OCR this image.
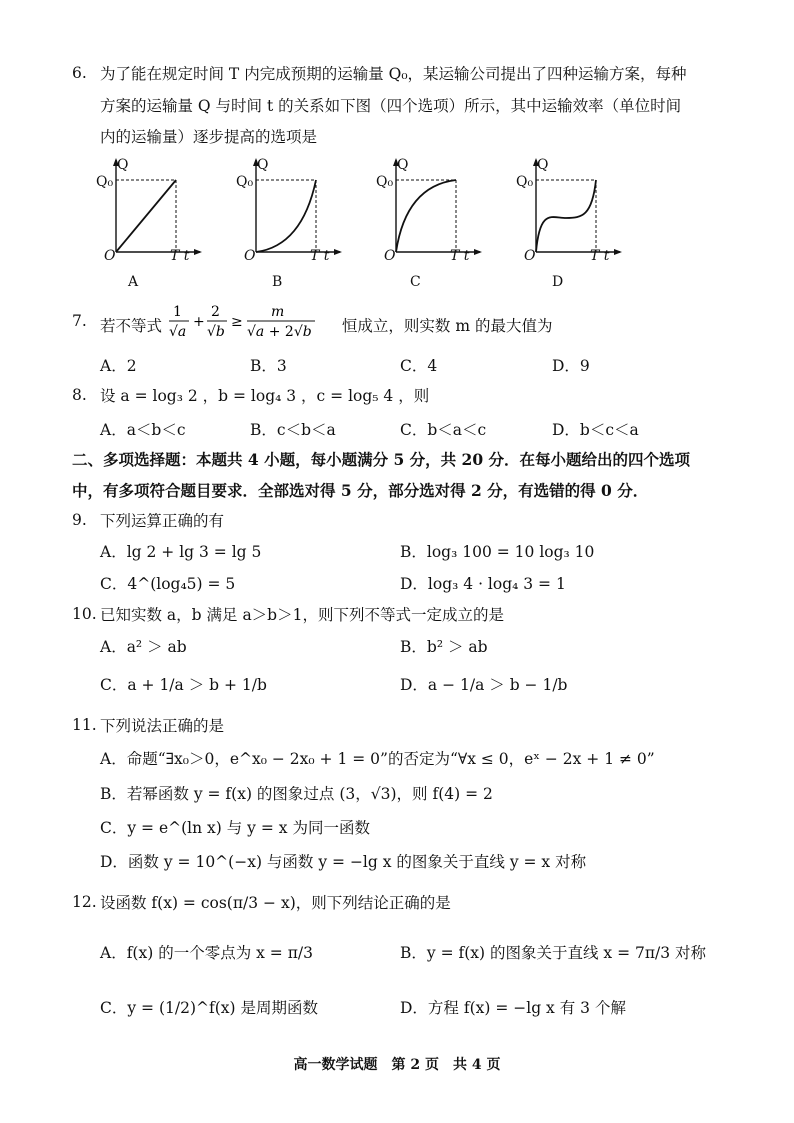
6. 为了能在规定时间 T 内完成预期的运输量 Q₀，某运输公司提出了四种运输方案，每种
方案的运输量 Q 与时间 t 的关系如下图（四个选项）所示，其中运输效率（单位时间
内的运输量）逐步提高的选项是
Q
Q₀
O	T t
A
Q
Q₀
O	T t
B
Q
Q₀
O	T t
C
Q
Q₀
O	T t
D
7. 若不等式
1
√a
+
2
√b
≥
m
√a + 2√b 恒成立，则实数 m 的最大值为
A．2	B．3	C．4	D．9
8. 设 a = log₃ 2 ，b = log₄ 3 ，c = log₅ 4 ，则
A．a＜b＜c	B．c＜b＜a	C．b＜a＜c	D．b＜c＜a
二、多项选择题：本题共 4 小题，每小题满分 5 分，共 20 分．在每小题给出的四个选项
中，有多项符合题目要求．全部选对得 5 分，部分选对得 2 分，有选错的得 0 分．
9. 下列运算正确的有
A．lg 2 + lg 3 = lg 5	B．log₃ 100 = 10 log₃ 10
C．4^(log₄5) = 5	D．log₃ 4 · log₄ 3 = 1
10. 已知实数 a，b 满足 a＞b＞1，则下列不等式一定成立的是
A．a² ＞ ab	B．b² ＞ ab
C．a + 1/a ＞ b + 1/b	D．a − 1/a ＞ b − 1/b
11. 下列说法正确的是
A．命题“∃x₀＞0，e^x₀ − 2x₀ + 1 = 0”的否定为“∀x ≤ 0，eˣ − 2x + 1 ≠ 0”
B．若幂函数 y = f(x) 的图象过点 (3，√3)，则 f(4) = 2
C．y = e^(ln x) 与 y = x 为同一函数
D．函数 y = 10^(−x) 与函数 y = −lg x 的图象关于直线 y = x 对称
12. 设函数 f(x) = cos(π/3 − x)，则下列结论正确的是
A．f(x) 的一个零点为 x = π/3	B．y = f(x) 的图象关于直线 x = 7π/3 对称
C．y = (1/2)^f(x) 是周期函数	D．方程 f(x) = −lg x 有 3 个解
高一数学试题　第 2 页　共 4 页
